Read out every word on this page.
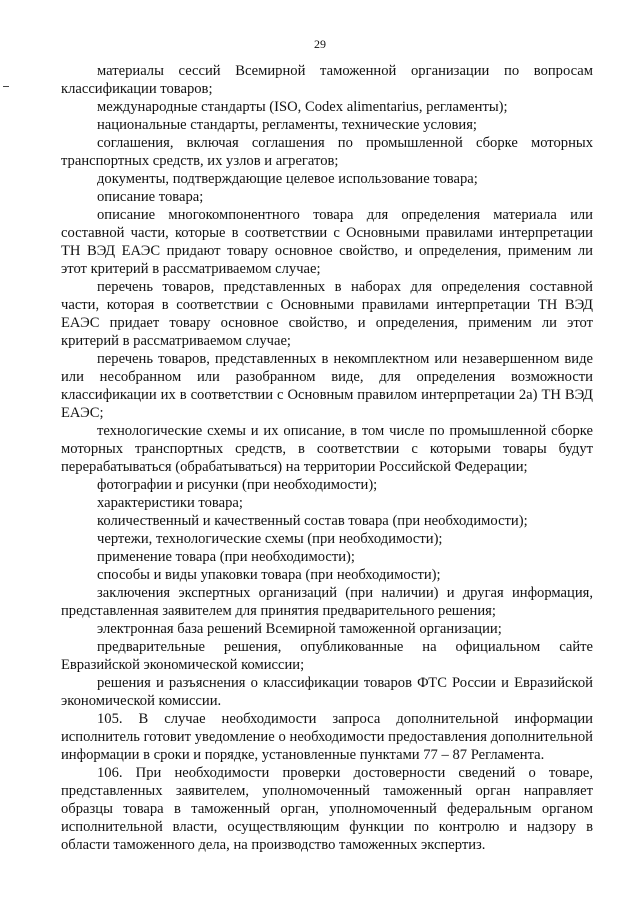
29

материалы сессий Всемирной таможенной организации по вопросам классификации товаров;

международные стандарты (ISO, Codex alimentarius, регламенты);

национальные стандарты, регламенты, технические условия;

соглашения, включая соглашения по промышленной сборке моторных транспортных средств, их узлов и агрегатов;

документы, подтверждающие целевое использование товара;

описание товара;

описание многокомпонентного товара для определения материала или составной части, которые в соответствии с Основными правилами интерпретации ТН ВЭД ЕАЭС придают товару основное свойство, и определения, применим ли этот критерий в рассматриваемом случае;

перечень товаров, представленных в наборах для определения составной части, которая в соответствии с Основными правилами интерпретации ТН ВЭД ЕАЭС придает товару основное свойство, и определения, применим ли этот критерий в рассматриваемом случае;

перечень товаров, представленных в некомплектном или незавершенном виде или несобранном или разобранном виде, для определения возможности классификации их в соответствии с Основным правилом интерпретации 2а) ТН ВЭД ЕАЭС;

технологические схемы и их описание, в том числе по промышленной сборке моторных транспортных средств, в соответствии с которыми товары будут перерабатываться (обрабатываться) на территории Российской Федерации;

фотографии и рисунки (при необходимости);

характеристики товара;

количественный и качественный состав товара (при необходимости);

чертежи, технологические схемы (при необходимости);

применение товара (при необходимости);

способы и виды упаковки товара (при необходимости);

заключения экспертных организаций (при наличии) и другая информация, представленная заявителем для принятия предварительного решения;

электронная база решений Всемирной таможенной организации;

предварительные решения, опубликованные на официальном сайте Евразийской экономической комиссии;

решения и разъяснения о классификации товаров ФТС России и Евразийской экономической комиссии.

105. В случае необходимости запроса дополнительной информации исполнитель готовит уведомление о необходимости предоставления дополнительной информации в сроки и порядке, установленные пунктами 77 – 87 Регламента.

106. При необходимости проверки достоверности сведений о товаре, представленных заявителем, уполномоченный таможенный орган направляет образцы товара в таможенный орган, уполномоченный федеральным органом исполнительной власти, осуществляющим функции по контролю и надзору в области таможенного дела, на производство таможенных экспертиз.
